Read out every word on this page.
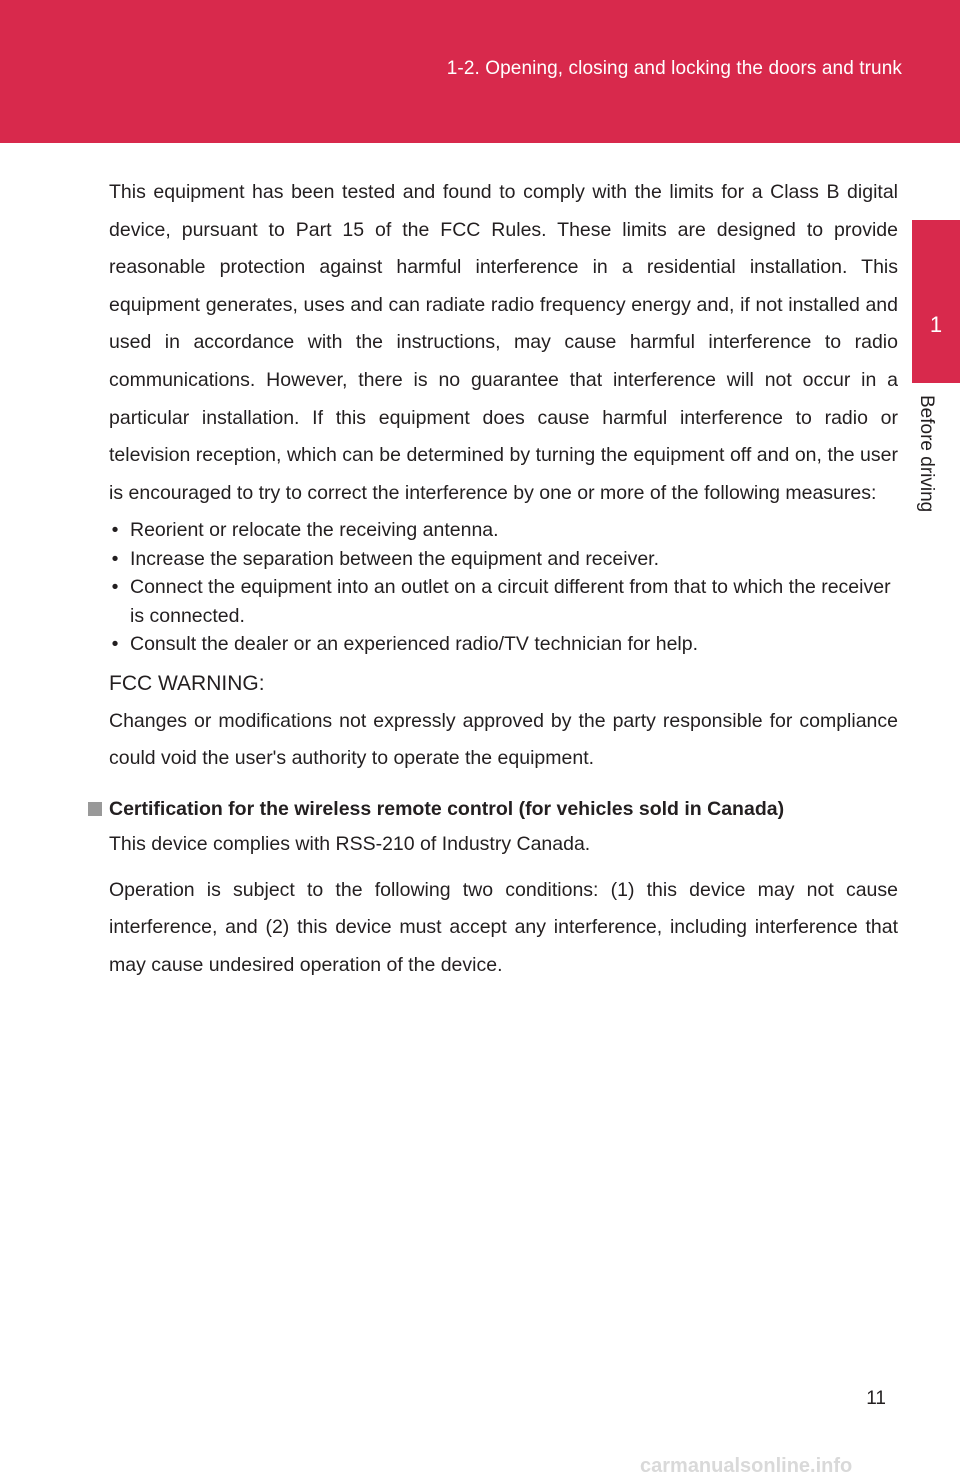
1-2. Opening, closing and locking the doors and trunk
1
Before driving

This equipment has been tested and found to comply with the limits for a Class B digital device, pursuant to Part 15 of the FCC Rules. These limits are designed to provide reasonable protection against harmful interference in a residential installation. This equipment generates, uses and can radiate radio frequency energy and, if not installed and used in accordance with the instructions, may cause harmful interference to radio communications. However, there is no guarantee that interference will not occur in a particular installation. If this equipment does cause harmful interference to radio or television reception, which can be determined by turning the equipment off and on, the user is encouraged to try to correct the interference by one or more of the following measures:

• Reorient or relocate the receiving antenna.
• Increase the separation between the equipment and receiver.
• Connect the equipment into an outlet on a circuit different from that to which the receiver is connected.
• Consult the dealer or an experienced radio/TV technician for help.

FCC WARNING:

Changes or modifications not expressly approved by the party responsible for compliance could void the user's authority to operate the equipment.

Certification for the wireless remote control (for vehicles sold in Canada)

This device complies with RSS-210 of Industry Canada.

Operation is subject to the following two conditions: (1) this device may not cause interference, and (2) this device must accept any interference, including interference that may cause undesired operation of the device.

11
carmanualsonline.info
